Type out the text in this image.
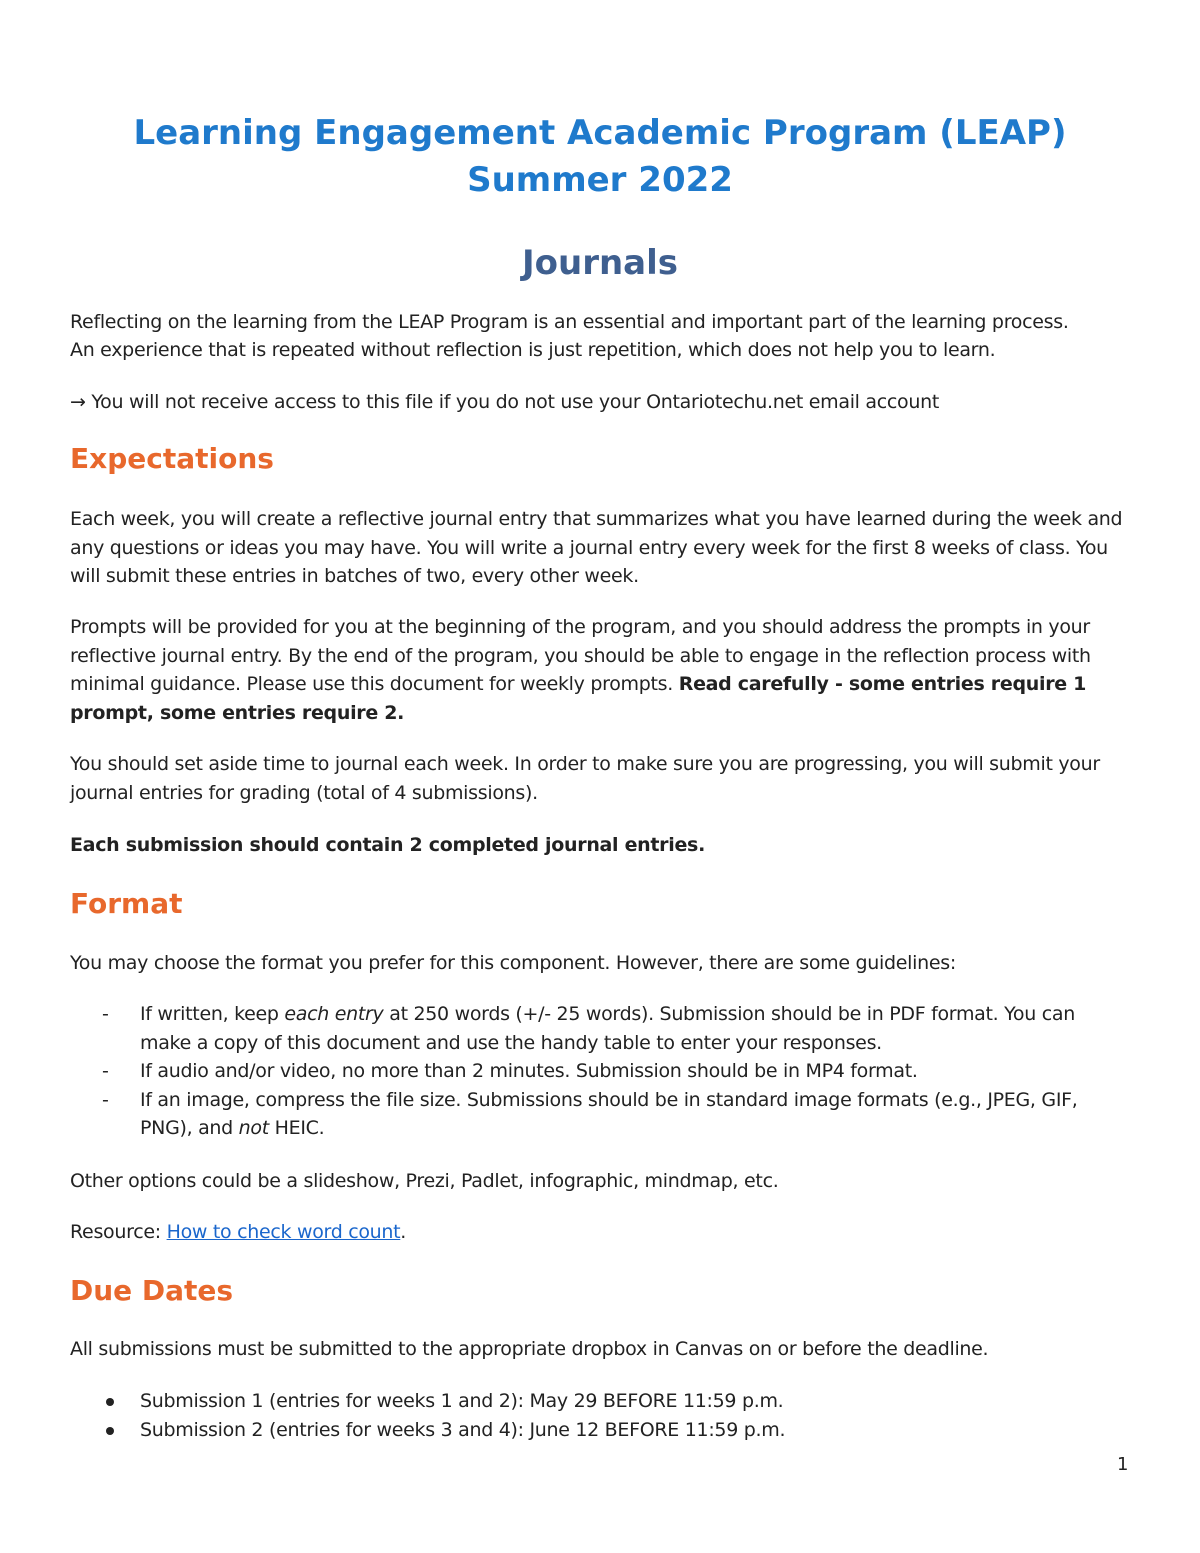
Learning Engagement Academic Program (LEAP)
Summer 2022
Journals
Reflecting on the learning from the LEAP Program is an essential and important part of the learning process.
An experience that is repeated without reflection is just repetition, which does not help you to learn.
→ You will not receive access to this file if you do not use your Ontariotechu.net email account
Expectations
Each week, you will create a reflective journal entry that summarizes what you have learned during the week and any questions or ideas you may have. You will write a journal entry every week for the first 8 weeks of class. You will submit these entries in batches of two, every other week.
Prompts will be provided for you at the beginning of the program, and you should address the prompts in your reflective journal entry. By the end of the program, you should be able to engage in the reflection process with minimal guidance. Please use this document for weekly prompts. Read carefully - some entries require 1 prompt, some entries require 2.
You should set aside time to journal each week. In order to make sure you are progressing, you will submit your journal entries for grading (total of 4 submissions).
Each submission should contain 2 completed journal entries.
Format
You may choose the format you prefer for this component. However, there are some guidelines:
- If written, keep each entry at 250 words (+/- 25 words). Submission should be in PDF format. You can make a copy of this document and use the handy table to enter your responses.
- If audio and/or video, no more than 2 minutes. Submission should be in MP4 format.
- If an image, compress the file size. Submissions should be in standard image formats (e.g., JPEG, GIF, PNG), and not HEIC.
Other options could be a slideshow, Prezi, Padlet, infographic, mindmap, etc.
Resource: How to check word count.
Due Dates
All submissions must be submitted to the appropriate dropbox in Canvas on or before the deadline.
Submission 1 (entries for weeks 1 and 2): May 29 BEFORE 11:59 p.m.
Submission 2 (entries for weeks 3 and 4): June 12 BEFORE 11:59 p.m.
1
